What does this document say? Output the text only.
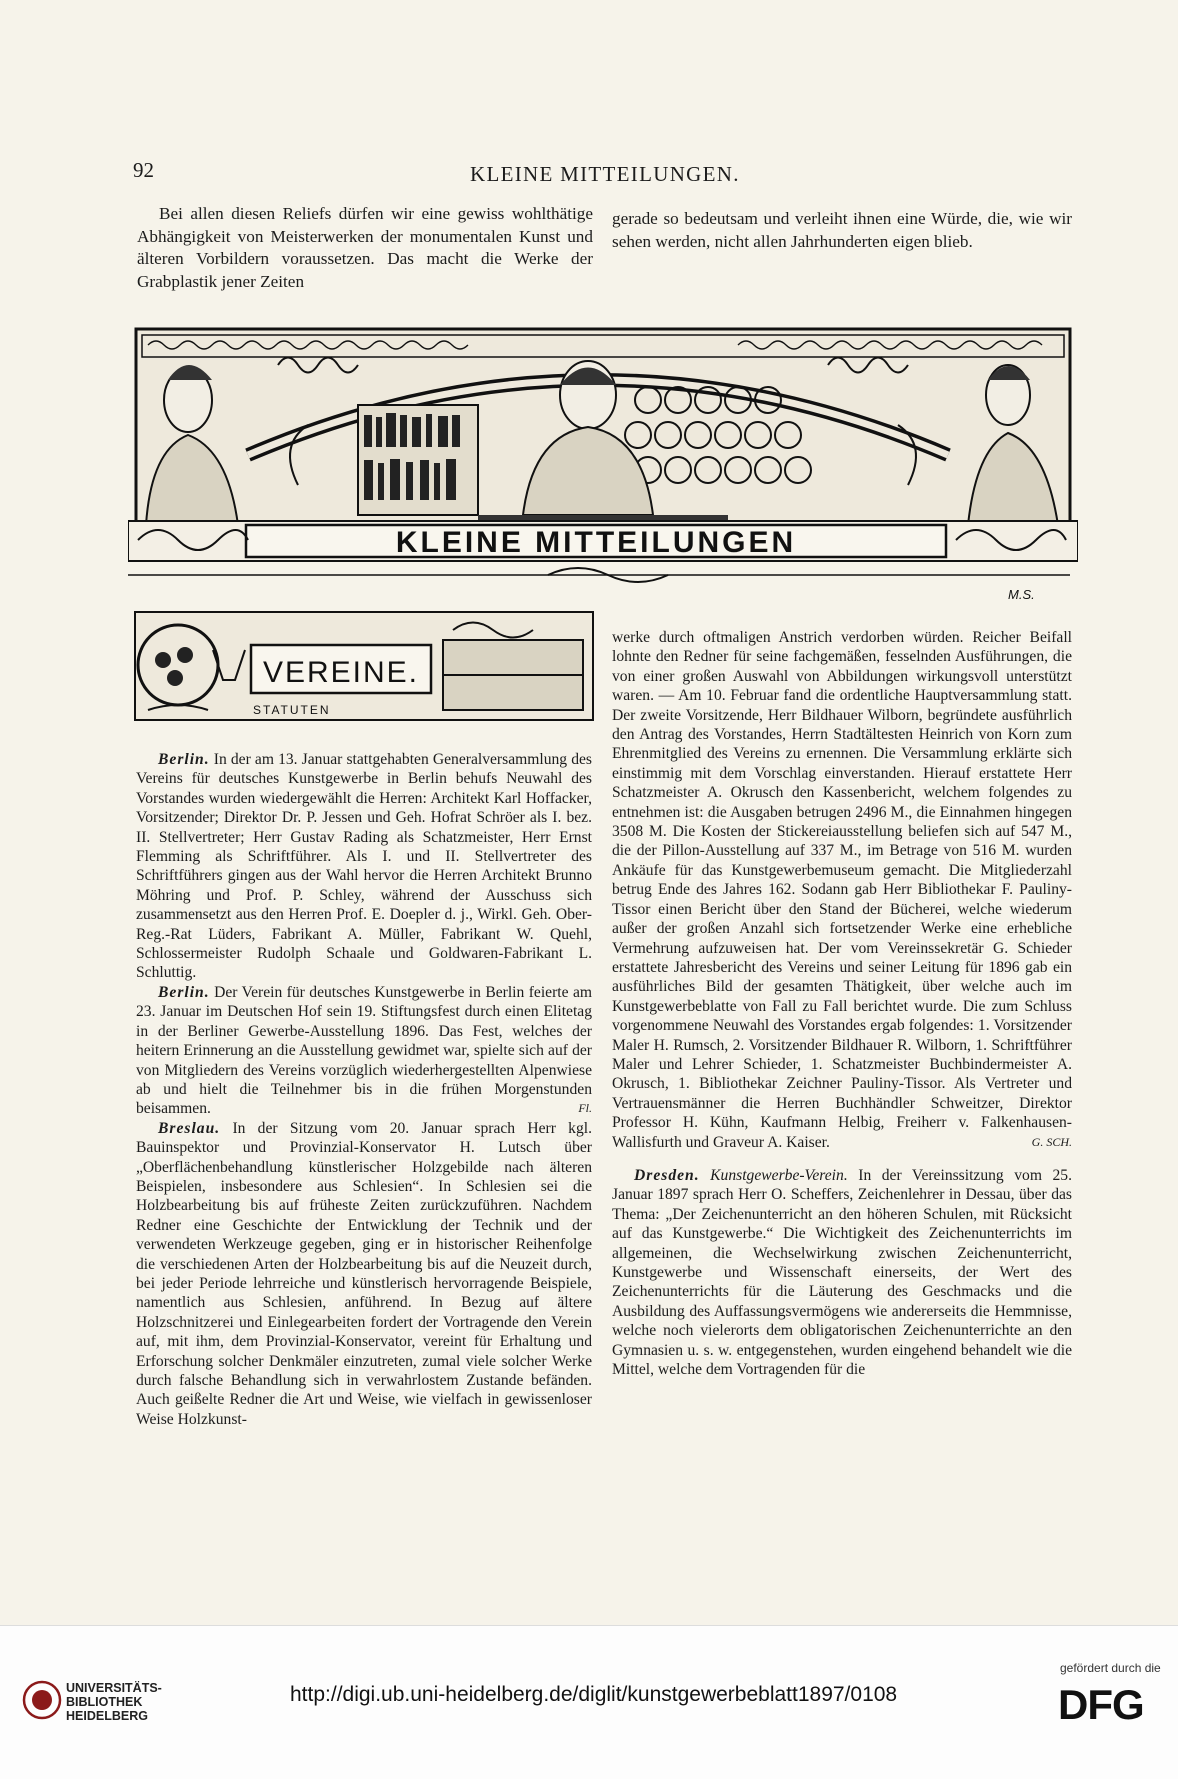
92	KLEINE MITTEILUNGEN.

Bei allen diesen Reliefs dürfen wir eine gewiss wohlthätige Abhängigkeit von Meisterwerken der monumentalen Kunst und älteren Vorbildern voraussetzen. Das macht die Werke der Grabplastik jener Zeiten

gerade so bedeutsam und verleiht ihnen eine Würde, die, wie wir sehen werden, nicht allen Jahrhunderten eigen blieb.

KLEINE MITTEILUNGEN
M.S.
VEREINE.
STATUTEN

Berlin. In der am 13. Januar stattgehabten Generalversammlung des Vereins für deutsches Kunstgewerbe in Berlin behufs Neuwahl des Vorstandes wurden wiedergewählt die Herren: Architekt Karl Hoffacker, Vorsitzender; Direktor Dr. P. Jessen und Geh. Hofrat Schröer als I. bez. II. Stellvertreter; Herr Gustav Rading als Schatzmeister, Herr Ernst Flemming als Schriftführer. Als I. und II. Stellvertreter des Schriftführers gingen aus der Wahl hervor die Herren Architekt Brunno Möhring und Prof. P. Schley, während der Ausschuss sich zusammensetzt aus den Herren Prof. E. Doepler d. j., Wirkl. Geh. Ober-Reg.-Rat Lüders, Fabrikant A. Müller, Fabrikant W. Quehl, Schlossermeister Rudolph Schaale und Goldwaren-Fabrikant L. Schluttig.

Berlin. Der Verein für deutsches Kunstgewerbe in Berlin feierte am 23. Januar im Deutschen Hof sein 19. Stiftungsfest durch einen Elitetag in der Berliner Gewerbe-Ausstellung 1896. Das Fest, welches der heitern Erinnerung an die Ausstellung gewidmet war, spielte sich auf der von Mitgliedern des Vereins vorzüglich wiederhergestellten Alpenwiese ab und hielt die Teilnehmer bis in die frühen Morgenstunden beisammen.	Fl.

Breslau. In der Sitzung vom 20. Januar sprach Herr kgl. Bauinspektor und Provinzial-Konservator H. Lutsch über „Oberflächenbehandlung künstlerischer Holzgebilde nach älteren Beispielen, insbesondere aus Schlesien“. In Schlesien sei die Holzbearbeitung bis auf früheste Zeiten zurückzuführen. Nachdem Redner eine Geschichte der Entwicklung der Technik und der verwendeten Werkzeuge gegeben, ging er in historischer Reihenfolge die verschiedenen Arten der Holzbearbeitung bis auf die Neuzeit durch, bei jeder Periode lehrreiche und künstlerisch hervorragende Beispiele, namentlich aus Schlesien, anführend. In Bezug auf ältere Holzschnitzerei und Einlegearbeiten fordert der Vortragende den Verein auf, mit ihm, dem Provinzial-Konservator, vereint für Erhaltung und Erforschung solcher Denkmäler einzutreten, zumal viele solcher Werke durch falsche Behandlung sich in verwahrlostem Zustande befänden. Auch geißelte Redner die Art und Weise, wie vielfach in gewissenloser Weise Holzkunst-

werke durch oftmaligen Anstrich verdorben würden. Reicher Beifall lohnte den Redner für seine fachgemäßen, fesselnden Ausführungen, die von einer großen Auswahl von Abbildungen wirkungsvoll unterstützt waren. — Am 10. Februar fand die ordentliche Hauptversammlung statt. Der zweite Vorsitzende, Herr Bildhauer Wilborn, begründete ausführlich den Antrag des Vorstandes, Herrn Stadtältesten Heinrich von Korn zum Ehrenmitglied des Vereins zu ernennen. Die Versammlung erklärte sich einstimmig mit dem Vorschlag einverstanden. Hierauf erstattete Herr Schatzmeister A. Okrusch den Kassenbericht, welchem folgendes zu entnehmen ist: die Ausgaben betrugen 2496 M., die Einnahmen hingegen 3508 M. Die Kosten der Stickereiausstellung beliefen sich auf 547 M., die der Pillon-Ausstellung auf 337 M., im Betrage von 516 M. wurden Ankäufe für das Kunstgewerbemuseum gemacht. Die Mitgliederzahl betrug Ende des Jahres 162. Sodann gab Herr Bibliothekar F. Pauliny-Tissor einen Bericht über den Stand der Bücherei, welche wiederum außer der großen Anzahl sich fortsetzender Werke eine erhebliche Vermehrung aufzuweisen hat. Der vom Vereinssekretär G. Schieder erstattete Jahresbericht des Vereins und seiner Leitung für 1896 gab ein ausführliches Bild der gesamten Thätigkeit, über welche auch im Kunstgewerbeblatte von Fall zu Fall berichtet wurde. Die zum Schluss vorgenommene Neuwahl des Vorstandes ergab folgendes: 1. Vorsitzender Maler H. Rumsch, 2. Vorsitzender Bildhauer R. Wilborn, 1. Schriftführer Maler und Lehrer Schieder, 1. Schatzmeister Buchbindermeister A. Okrusch, 1. Bibliothekar Zeichner Pauliny-Tissor. Als Vertreter und Vertrauensmänner die Herren Buchhändler Schweitzer, Direktor Professor H. Kühn, Kaufmann Helbig, Freiherr v. Falkenhausen-Wallisfurth und Graveur A. Kaiser.	G. SCH.

Dresden. Kunstgewerbe-Verein. In der Vereinssitzung vom 25. Januar 1897 sprach Herr O. Scheffers, Zeichenlehrer in Dessau, über das Thema: „Der Zeichenunterricht an den höheren Schulen, mit Rücksicht auf das Kunstgewerbe.“ Die Wichtigkeit des Zeichenunterrichts im allgemeinen, die Wechselwirkung zwischen Zeichenunterricht, Kunstgewerbe und Wissenschaft einerseits, der Wert des Zeichenunterrichts für die Läuterung des Geschmacks und die Ausbildung des Auffassungsvermögens wie andererseits die Hemmnisse, welche noch vielerorts dem obligatorischen Zeichenunterrichte an den Gymnasien u. s. w. entgegenstehen, wurden eingehend behandelt wie die Mittel, welche dem Vortragenden für die

UNIVERSITÄTS-
BIBLIOTHEK
HEIDELBERG
http://digi.ub.uni-heidelberg.de/diglit/kunstgewerbeblatt1897/0108
gefördert durch die
DFG
